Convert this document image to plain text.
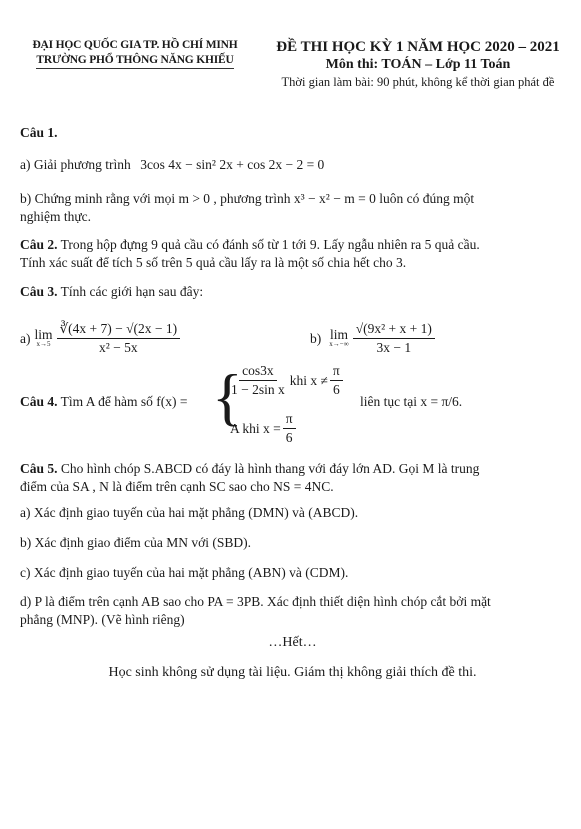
ĐẠI HỌC QUỐC GIA TP. HỒ CHÍ MINH
TRƯỜNG PHỔ THÔNG NĂNG KHIẾU
ĐỀ THI HỌC KỲ 1 NĂM HỌC 2020 – 2021
Môn thi: TOÁN – Lớp 11 Toán
Thời gian làm bài: 90 phút, không kể thời gian phát đề
Câu 1.
a) Giải phương trình 3cos 4x − sin² 2x + cos 2x − 2 = 0
b) Chứng minh rằng với mọi m > 0 , phương trình x³ − x² − m = 0 luôn có đúng một
nghiệm thực.
Câu 2. Trong hộp đựng 9 quả cầu có đánh số từ 1 tới 9. Lấy ngẫu nhiên ra 5 quả cầu.
Tính xác suất để tích 5 số trên 5 quả cầu lấy ra là một số chia hết cho 3.
Câu 3. Tính các giới hạn sau đây:
a) lim
$x\to 5 \frac{∛(4x + 7) - √(2x - 1)}{\text{x² − 5x}}$	b) lim
$x\to-\infty \frac{\text{√(9x² + x + 1)}}{3x - 1}$
Câu 4. Tìm A để hàm số f(x) = {
$\frac{\cos 3x}{\text{1 − 2sin x}}$ khi $x \ne \frac{\pi}{6}$
A khi $x = \frac{\pi}{6}$
liên tục tại x = π/6.
Câu 5. Cho hình chóp S.ABCD có đáy là hình thang với đáy lớn AD. Gọi M là trung
điểm của SA , N là điểm trên cạnh SC sao cho NS = 4NC.
a) Xác định giao tuyến của hai mặt phẳng (DMN) và (ABCD).
b) Xác định giao điểm của MN với (SBD).
c) Xác định giao tuyến của hai mặt phẳng (ABN) và (CDM).
d) P là điểm trên cạnh AB sao cho PA = 3PB. Xác định thiết diện hình chóp cắt bởi mặt
phẳng (MNP). (Vẽ hình riêng)
…Hết…
Học sinh không sử dụng tài liệu. Giám thị không giải thích đề thi.
